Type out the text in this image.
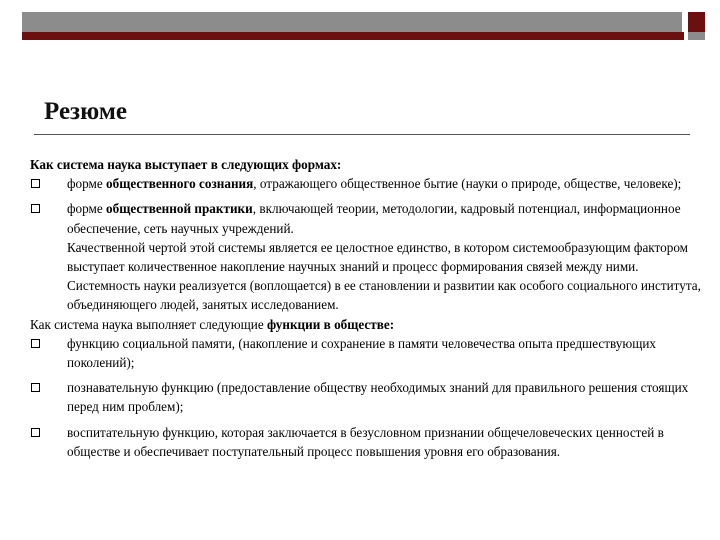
Резюме

Как система наука выступает в следующих формах:

форме общественного сознания, отражающего общественное бытие (науки о природе, обществе, человеке);

форме общественной практики, включающей теории, методологии, кадровый потенциал, информационное обеспечение, сеть научных учреждений.

Качественной чертой этой системы является ее целостное единство, в котором системообразующим фактором выступает количественное накопление научных знаний и процесс формирования связей между ними. Системность науки реализуется (воплощается) в ее становлении и развитии как особого социального института, объединяющего людей, занятых исследованием.

Как система наука выполняет следующие функции в обществе:

функцию социальной памяти, (накопление и сохранение в памяти человечества опыта предшествующих поколений);

познавательную функцию (предоставление обществу необходимых знаний для правильного решения стоящих перед ним проблем);

воспитательную функцию, которая заключается в безусловном признании общечеловеческих ценностей в обществе и обеспечивает поступательный процесс повышения уровня его образования.
